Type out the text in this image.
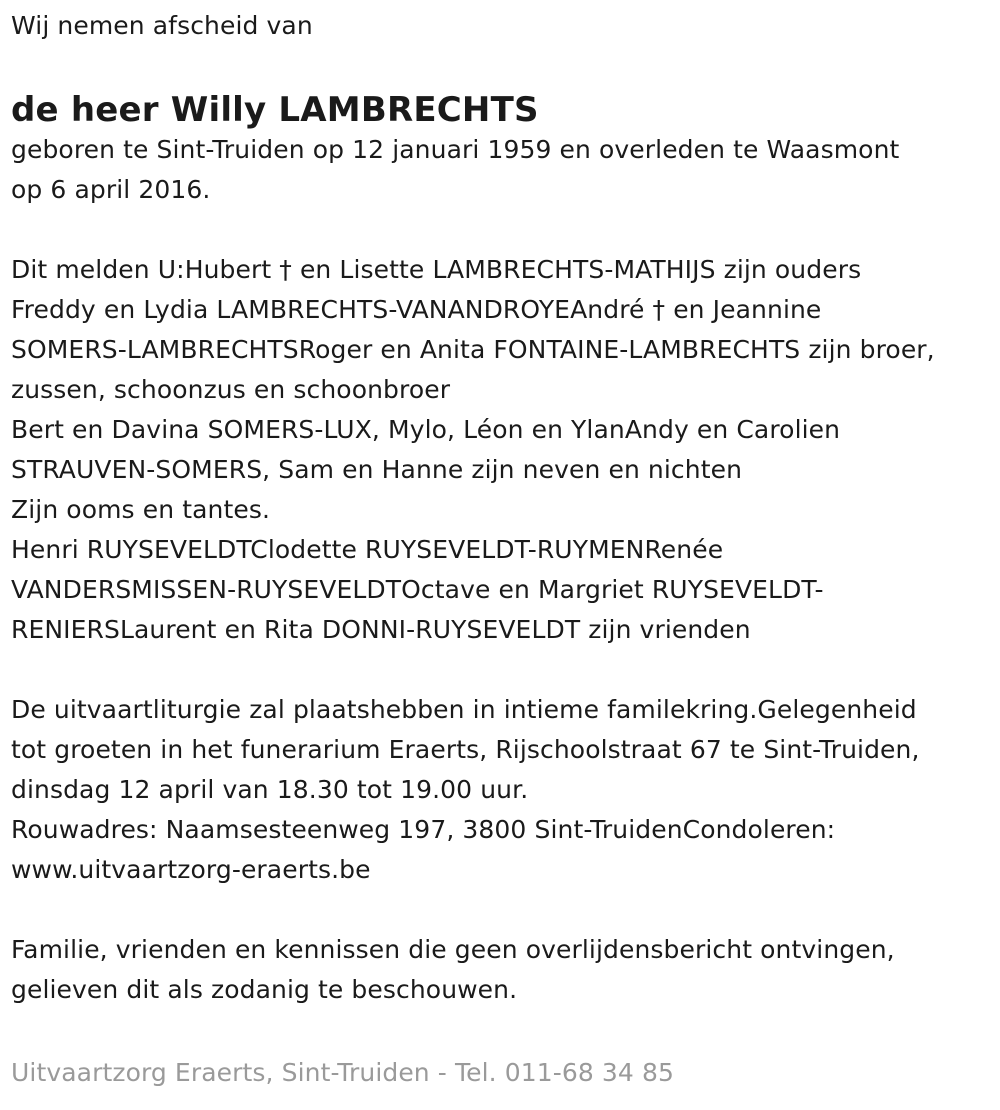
Wij nemen afscheid van

de heer Willy LAMBRECHTS

geboren te Sint-Truiden op 12 januari 1959 en overleden te Waasmont

op 6 april 2016.

Dit melden U:Hubert † en Lisette LAMBRECHTS-MATHIJS zijn ouders

Freddy en Lydia LAMBRECHTS-VANANDROYEAndré † en Jeannine

SOMERS-LAMBRECHTSRoger en Anita FONTAINE-LAMBRECHTS zijn broer,

zussen, schoonzus en schoonbroer

Bert en Davina SOMERS-LUX, Mylo, Léon en YlanAndy en Carolien

STRAUVEN-SOMERS, Sam en Hanne zijn neven en nichten

Zijn ooms en tantes.

Henri RUYSEVELDTClodette RUYSEVELDT-RUYMENRenée

VANDERSMISSEN-RUYSEVELDTOctave en Margriet RUYSEVELDT-

RENIERSLaurent en Rita DONNI-RUYSEVELDT zijn vrienden

De uitvaartliturgie zal plaatshebben in intieme familekring.Gelegenheid

tot groeten in het funerarium Eraerts, Rijschoolstraat 67 te Sint-Truiden,

dinsdag 12 april van 18.30 tot 19.00 uur.

Rouwadres: Naamsesteenweg 197, 3800 Sint-TruidenCondoleren:

www.uitvaartzorg-eraerts.be

Familie, vrienden en kennissen die geen overlijdensbericht ontvingen,

gelieven dit als zodanig te beschouwen.

Uitvaartzorg Eraerts, Sint-Truiden - Tel. 011-68 34 85
